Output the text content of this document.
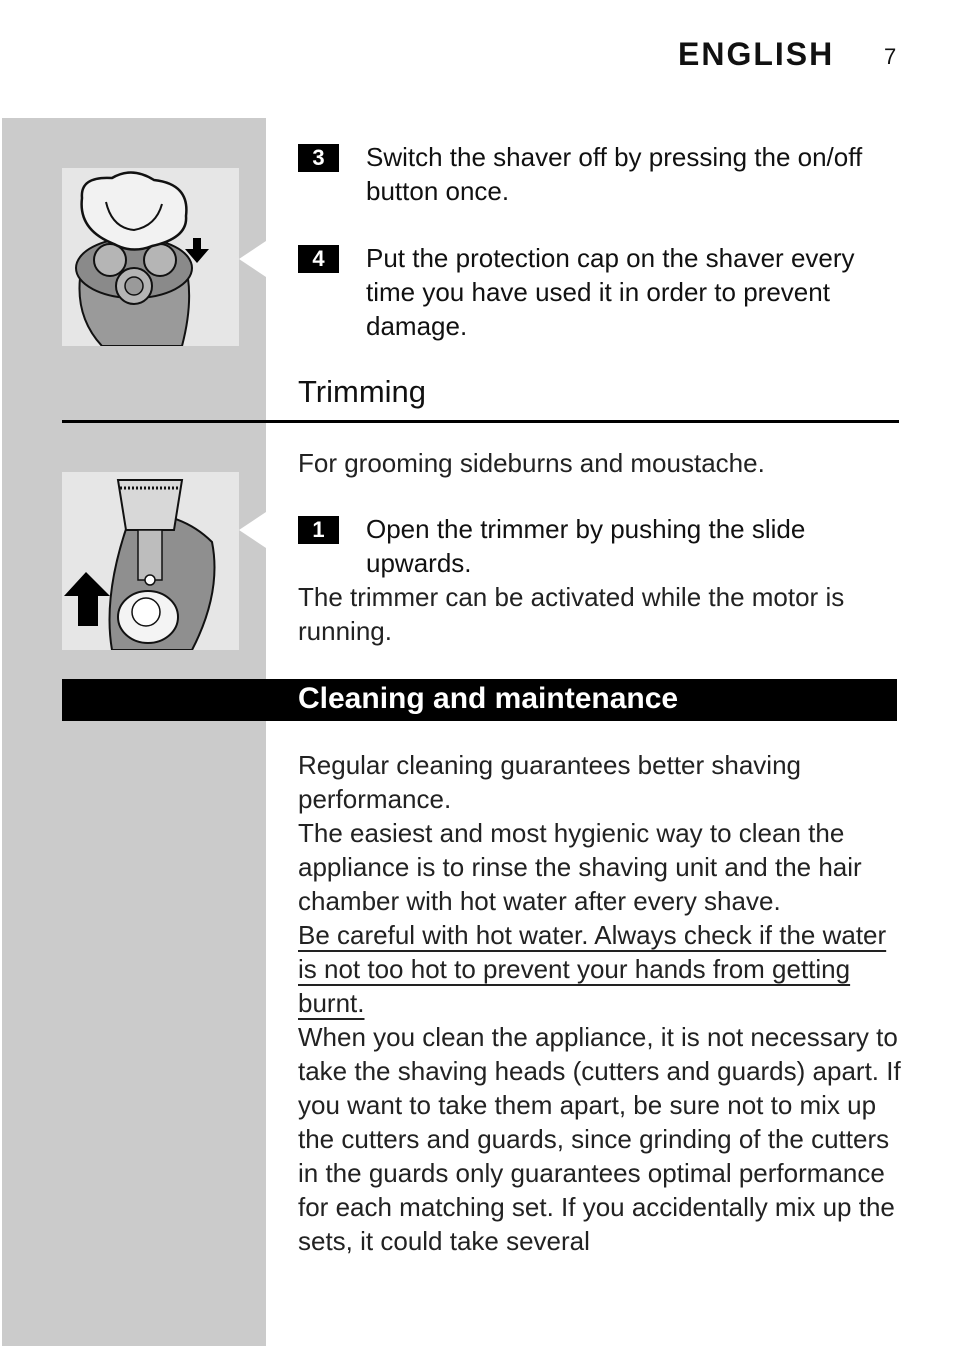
ENGLISH 7
3	Switch the shaver off by pressing the on/off button once.
4	Put the protection cap on the shaver every time you have used it in order to prevent damage.
Trimming
For grooming sideburns and moustache.
1	Open the trimmer by pushing the slide upwards.
The trimmer can be activated while the motor is running.
Cleaning and maintenance
Regular cleaning guarantees better shaving performance.
The easiest and most hygienic way to clean the appliance is to rinse the shaving unit and the hair chamber with hot water after every shave.
Be careful with hot water. Always check if the water is not too hot to prevent your hands from getting burnt.
When you clean the appliance, it is not necessary to take the shaving heads (cutters and guards) apart. If you want to take them apart, be sure not to mix up the cutters and guards, since grinding of the cutters in the guards only guarantees optimal performance for each matching set. If you accidentally mix up the sets, it could take several
